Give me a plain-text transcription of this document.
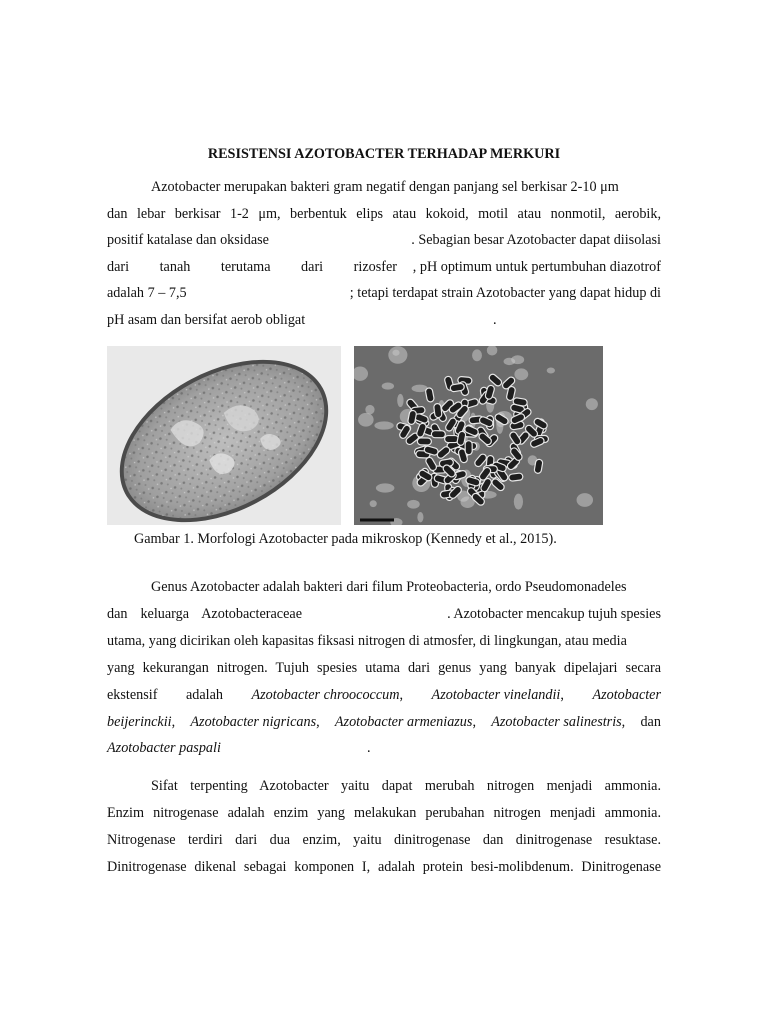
RESISTENSI AZOTOBACTER TERHADAP MERKURI
Azotobacter merupakan bakteri gram negatif dengan panjang sel berkisar 2-10 μm
dan lebar berkisar 1-2 μm, berbentuk elips atau kokoid, motil atau nonmotil, aerobik,
positif katalase dan oksidase	. Sebagian besar Azotobacter dapat diisolasi
dari tanah terutama dari rizosfer , pH optimum untuk pertumbuhan diazotrof
adalah 7 – 7,5	; tetapi terdapat strain Azotobacter yang dapat hidup di
pH asam dan bersifat aerob obligat	.
Gambar 1. Morfologi Azotobacter pada mikroskop (Kennedy et al., 2015).
Genus Azotobacter adalah bakteri dari filum Proteobacteria, ordo Pseudomonadeles
dan keluarga Azotobacteraceae	. Azotobacter mencakup tujuh spesies
utama, yang dicirikan oleh kapasitas fiksasi nitrogen di atmosfer, di lingkungan, atau media
yang kekurangan nitrogen. Tujuh spesies utama dari genus yang banyak dipelajari secara
ekstensif adalah Azotobacter chroococcum, Azotobacter vinelandii, Azotobacter
beijerinckii, Azotobacter nigricans, Azotobacter armeniazus, Azotobacter salinestris, dan
Azotobacter paspali	.
Sifat terpenting Azotobacter yaitu dapat merubah nitrogen menjadi ammonia.
Enzim nitrogenase adalah enzim yang melakukan perubahan nitrogen menjadi ammonia.
Nitrogenase terdiri dari dua enzim, yaitu dinitrogenase dan dinitrogenase resuktase.
Dinitrogenase dikenal sebagai komponen I, adalah protein besi-molibdenum. Dinitrogenase
